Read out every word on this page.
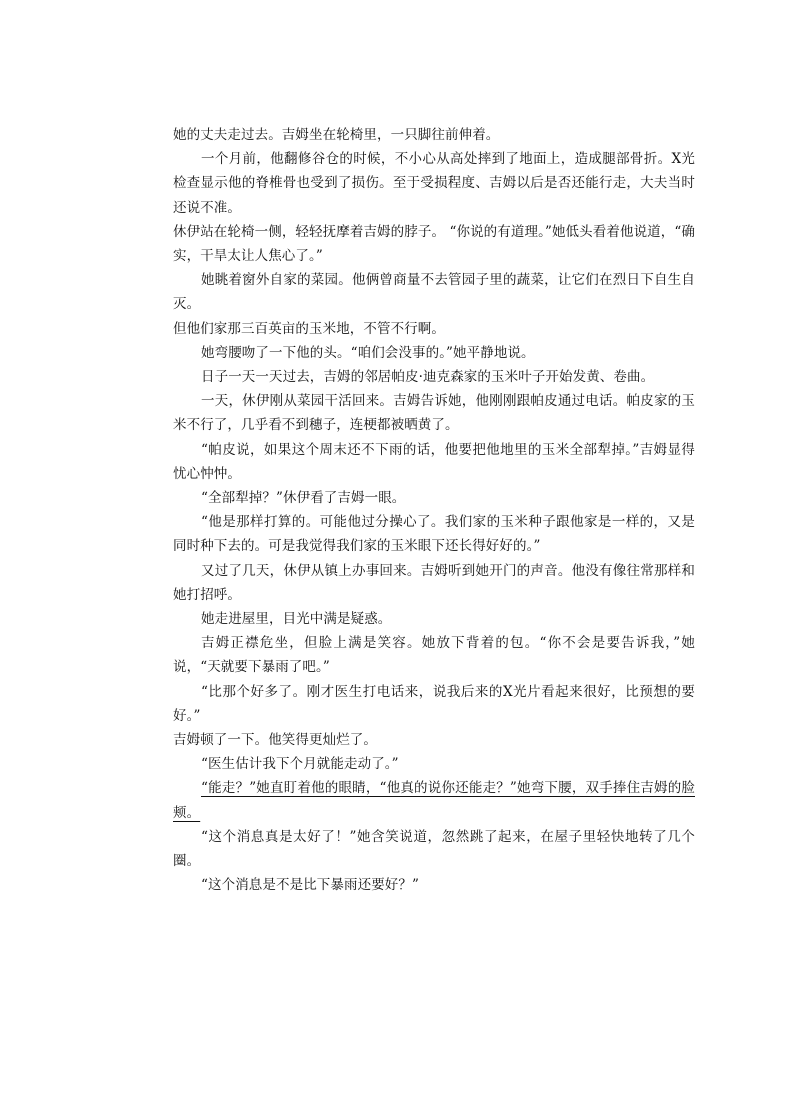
她的丈夫走过去。吉姆坐在轮椅里，一只脚往前伸着。

一个月前，他翻修谷仓的时候，不小心从高处摔到了地面上，造成腿部骨折。X光检查显示他的脊椎骨也受到了损伤。至于受损程度、吉姆以后是否还能行走，大夫当时还说不准。

休伊站在轮椅一侧，轻轻抚摩着吉姆的脖子。 “你说的有道理。”她低头看着他说道，“确实，干旱太让人焦心了。”

她眺着窗外自家的菜园。他俩曾商量不去管园子里的蔬菜，让它们在烈日下自生自灭。

但他们家那三百英亩的玉米地，不管不行啊。

她弯腰吻了一下他的头。“咱们会没事的。”她平静地说。

日子一天一天过去，吉姆的邻居帕皮·迪克森家的玉米叶子开始发黄、卷曲。

一天，休伊刚从菜园干活回来。吉姆告诉她，他刚刚跟帕皮通过电话。帕皮家的玉米不行了，几乎看不到穗子，连梗都被晒黄了。

“帕皮说，如果这个周末还不下雨的话，他要把他地里的玉米全部犁掉。”吉姆显得忧心忡忡。

“全部犁掉？”休伊看了吉姆一眼。

“他是那样打算的。可能他过分操心了。我们家的玉米种子跟他家是一样的，又是同时种下去的。可是我觉得我们家的玉米眼下还长得好好的。”

又过了几天，休伊从镇上办事回来。吉姆听到她开门的声音。他没有像往常那样和她打招呼。

她走进屋里，目光中满是疑惑。

吉姆正襟危坐，但脸上满是笑容。她放下背着的包。“你不会是要告诉我，”她说，“天就要下暴雨了吧。”

“比那个好多了。刚才医生打电话来，说我后来的X光片看起来很好，比预想的要好。”

吉姆顿了一下。他笑得更灿烂了。

“医生估计我下个月就能走动了。”

“能走？”她直盯着他的眼睛，“他真的说你还能走？”她弯下腰，双手捧住吉姆的脸颊。

“这个消息真是太好了！”她含笑说道，忽然跳了起来，在屋子里轻快地转了几个圈。

“这个消息是不是比下暴雨还要好？”
